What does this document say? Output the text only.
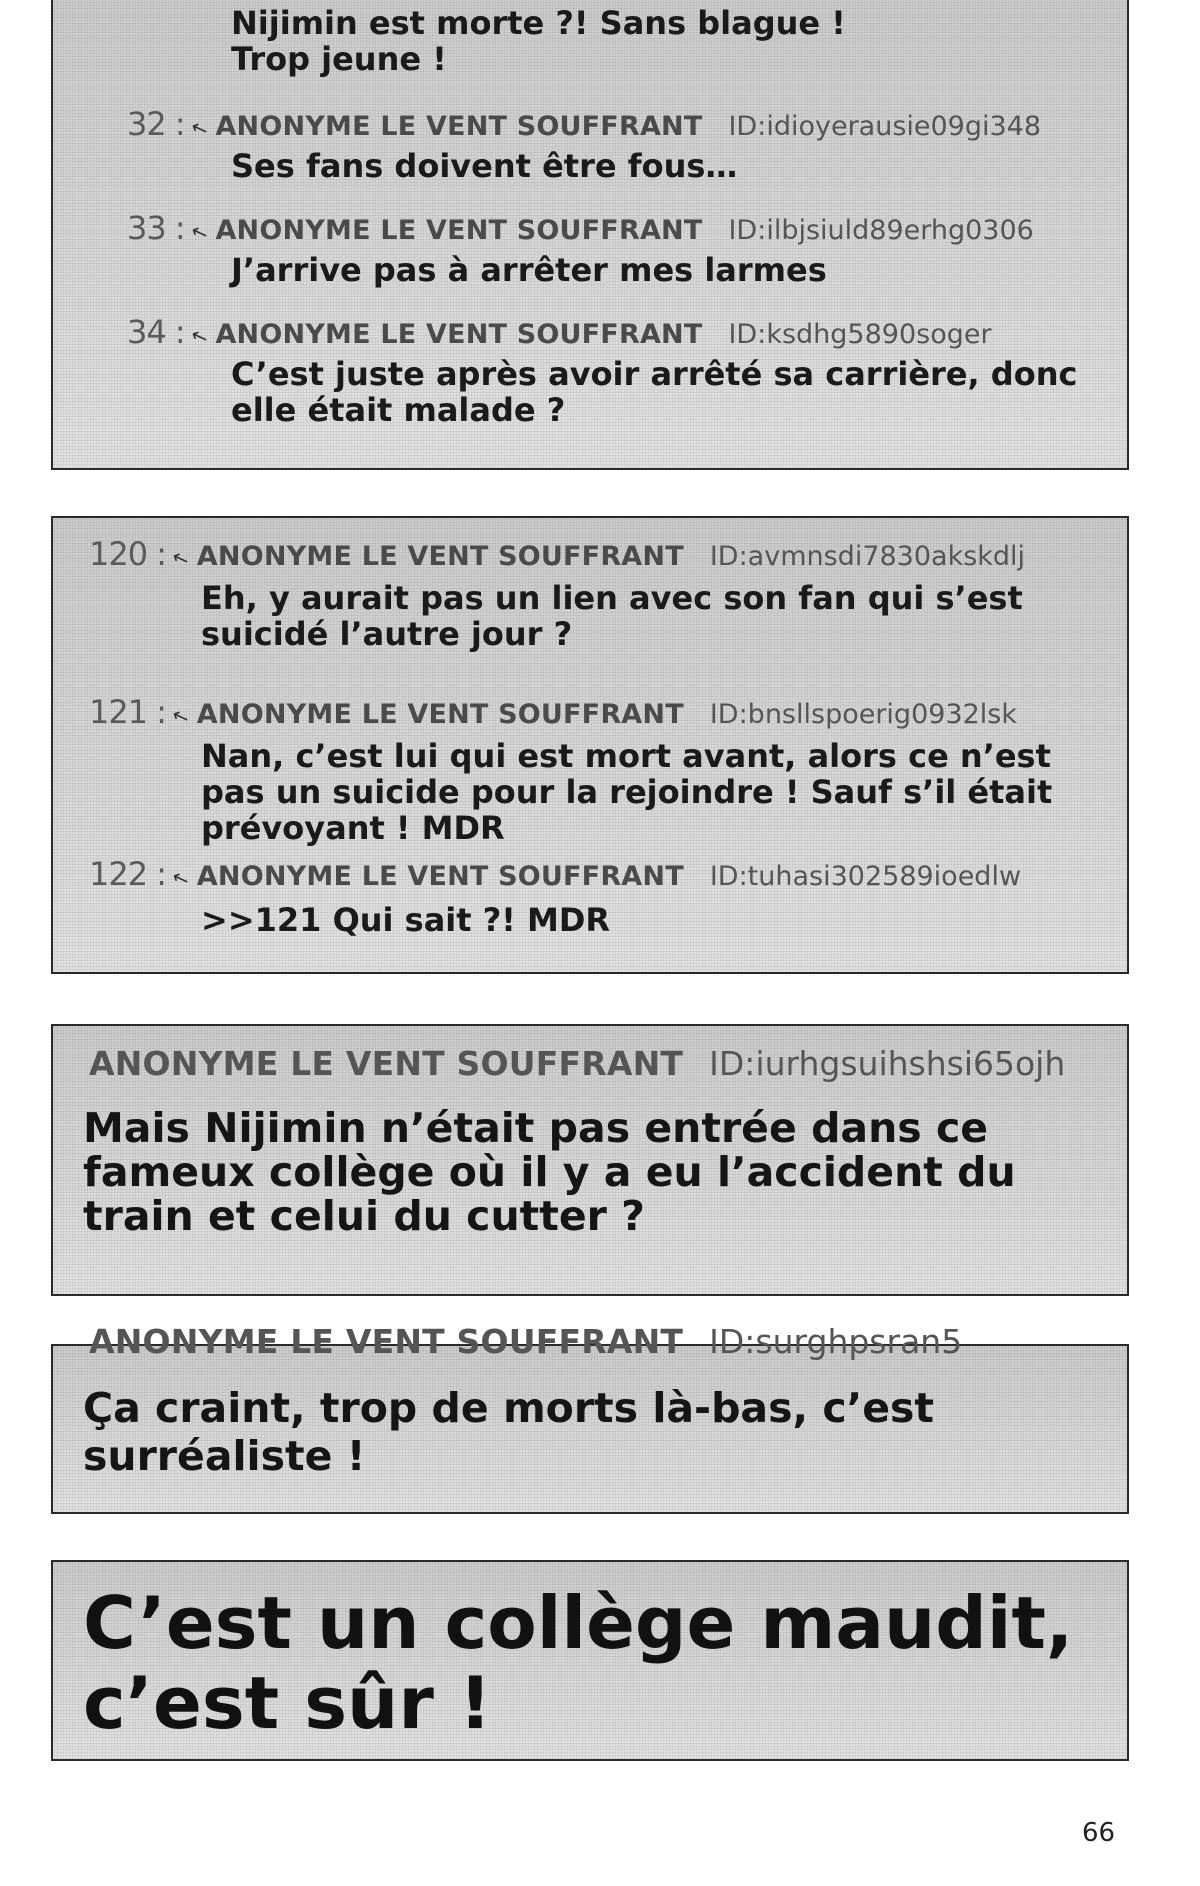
Nijimin est morte ?! Sans blague !
Trop jeune !
32 : ↖ ANONYME LE VENT SOUFFRANT ID:idioyerausie09gi348
Ses fans doivent être fous…
33 : ↖ ANONYME LE VENT SOUFFRANT ID:ilbjsiuld89erhg0306
J’arrive pas à arrêter mes larmes
34 : ↖ ANONYME LE VENT SOUFFRANT ID:ksdhg5890soger
C’est juste après avoir arrêté sa carrière, donc
elle était malade ?
120 : ↖ ANONYME LE VENT SOUFFRANT ID:avmnsdi7830akskdlj
Eh, y aurait pas un lien avec son fan qui s’est
suicidé l’autre jour ?
121 : ↖ ANONYME LE VENT SOUFFRANT ID:bnsllspoerig0932lsk
Nan, c’est lui qui est mort avant, alors ce n’est
pas un suicide pour la rejoindre ! Sauf s’il était
prévoyant ! MDR
122 : ↖ ANONYME LE VENT SOUFFRANT ID:tuhasi302589ioedlw
>>121 Qui sait ?! MDR
ANONYME LE VENT SOUFFRANT ID:iurhgsuihshsi65ojh
Mais Nijimin n’était pas entrée dans ce
fameux collège où il y a eu l’accident du
train et celui du cutter ?
ANONYME LE VENT SOUFFRANT ID:surghpsran5
Ça craint, trop de morts là-bas, c’est
surréaliste !
C’est un collège maudit,
c’est sûr !
66
